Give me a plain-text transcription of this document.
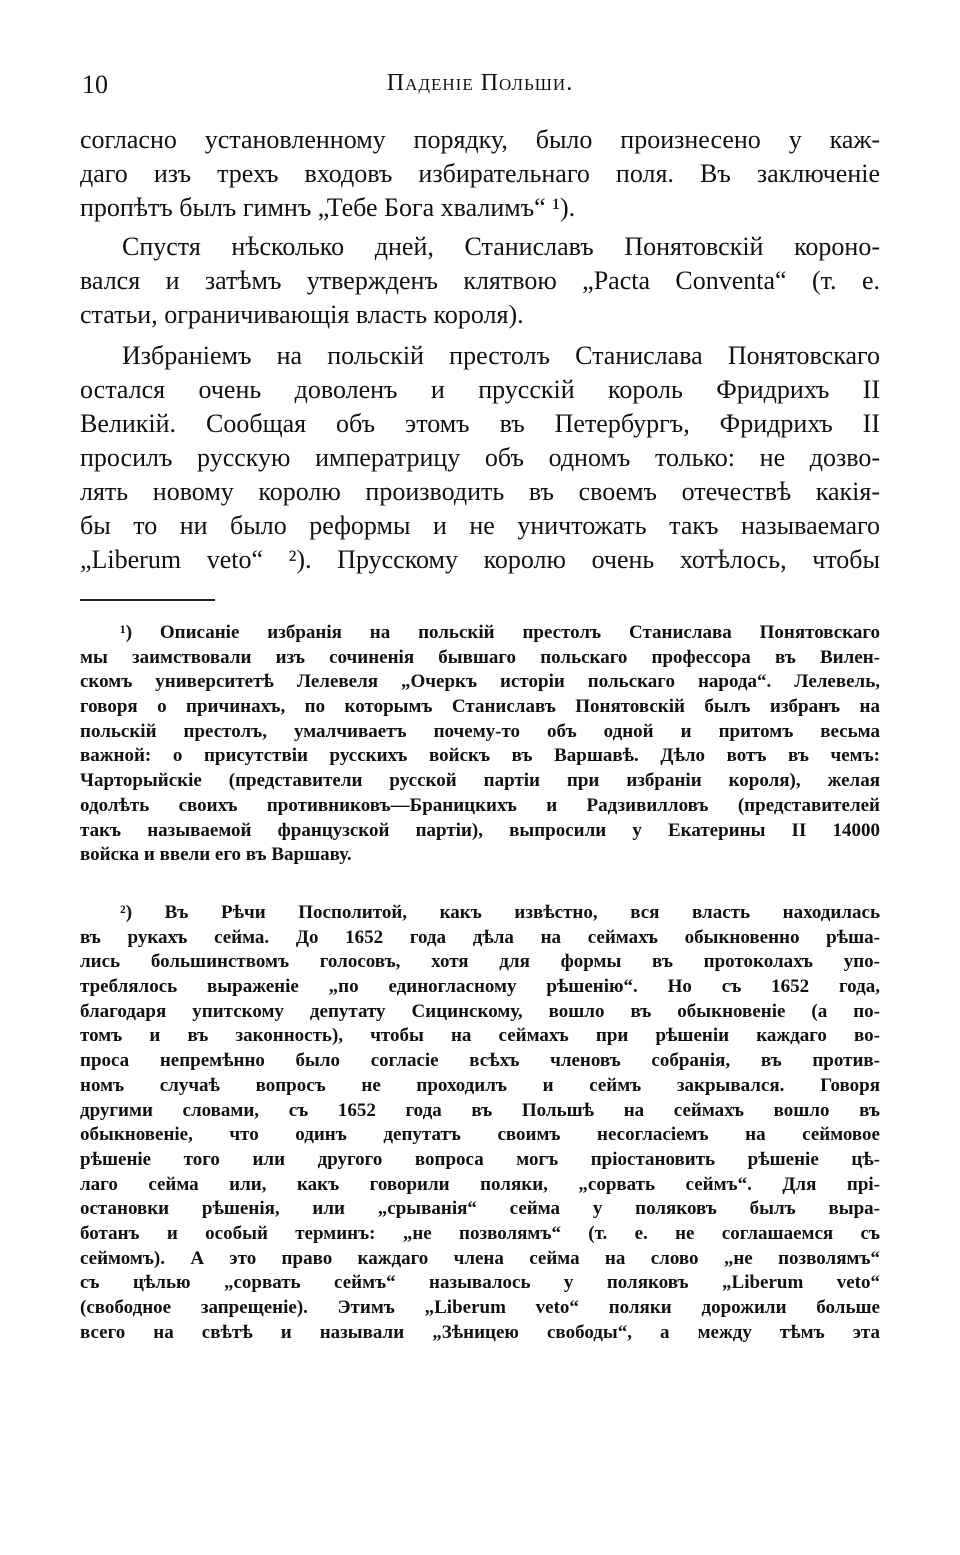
10	Паденіе Польши.
согласно установленному порядку, было произнесено у каж-
даго изъ трехъ входовъ избирательнаго поля. Въ заключеніе
пропѣтъ былъ гимнъ „Тебе Бога хвалимъ“ ¹).
Спустя нѣсколько дней, Станиславъ Понятовскій короно-
вался и затѣмъ утвержденъ клятвою „Pacta Conventa“ (т. е.
статьи, ограничивающія власть короля).
Избраніемъ на польскій престолъ Станислава Понятовскаго
остался очень доволенъ и прусскій король Фридрихъ II
Великій. Сообщая объ этомъ въ Петербургъ, Фридрихъ II
просилъ русскую императрицу объ одномъ только: не дозво-
лять новому королю производить въ своемъ отечествѣ какія-
бы то ни было реформы и не уничтожать такъ называемаго
„Liberum veto“ ²). Прусскому королю очень хотѣлось, чтобы
¹) Описаніе избранія на польскій престолъ Станислава Понятовскаго
мы заимствовали изъ сочиненія бывшаго польскаго профессора въ Вилен-
скомъ университетѣ Лелевеля „Очеркъ исторіи польскаго народа“. Лелевель,
говоря о причинахъ, по которымъ Станиславъ Понятовскій былъ избранъ на
польскій престолъ, умалчиваетъ почему-то объ одной и притомъ весьма
важной: о присутствіи русскихъ войскъ въ Варшавѣ. Дѣло вотъ въ чемъ:
Чарторыйскіе (представители русской партіи при избраніи короля), желая
одолѣть своихъ противниковъ—Браницкихъ и Радзивилловъ (представителей
такъ называемой французской партіи), выпросили у Екатерины II 14000
войска и ввели его въ Варшаву.
²) Въ Рѣчи Посполитой, какъ извѣстно, вся власть находилась
въ рукахъ сейма. До 1652 года дѣла на сеймахъ обыкновенно рѣша-
лись большинствомъ голосовъ, хотя для формы въ протоколахъ упо-
треблялось выраженіе „по единогласному рѣшенію“. Но съ 1652 года,
благодаря упитскому депутату Сицинскому, вошло въ обыкновеніе (а по-
томъ и въ законность), чтобы на сеймахъ при рѣшеніи каждаго во-
проса непремѣнно было согласіе всѣхъ членовъ собранія, въ против-
номъ случаѣ вопросъ не проходилъ и сеймъ закрывался. Говоря
другими словами, съ 1652 года въ Польшѣ на сеймахъ вошло въ
обыкновеніе, что одинъ депутатъ своимъ несогласіемъ на сеймовое
рѣшеніе того или другого вопроса могъ пріостановить рѣшеніе цѣ-
лаго сейма или, какъ говорили поляки, „сорвать сеймъ“. Для прі-
остановки рѣшенія, или „срыванія“ сейма у поляковъ былъ выра-
ботанъ и особый терминъ: „не позволямъ“ (т. е. не соглашаемся съ
сеймомъ). А это право каждаго члена сейма на слово „не позволямъ“
съ цѣлью „сорвать сеймъ“ называлось у поляковъ „Liberum veto“
(свободное запрещеніе). Этимъ „Liberum veto“ поляки дорожили больше
всего на свѣтѣ и называли „Зѣницею свободы“, а между тѣмъ эта
